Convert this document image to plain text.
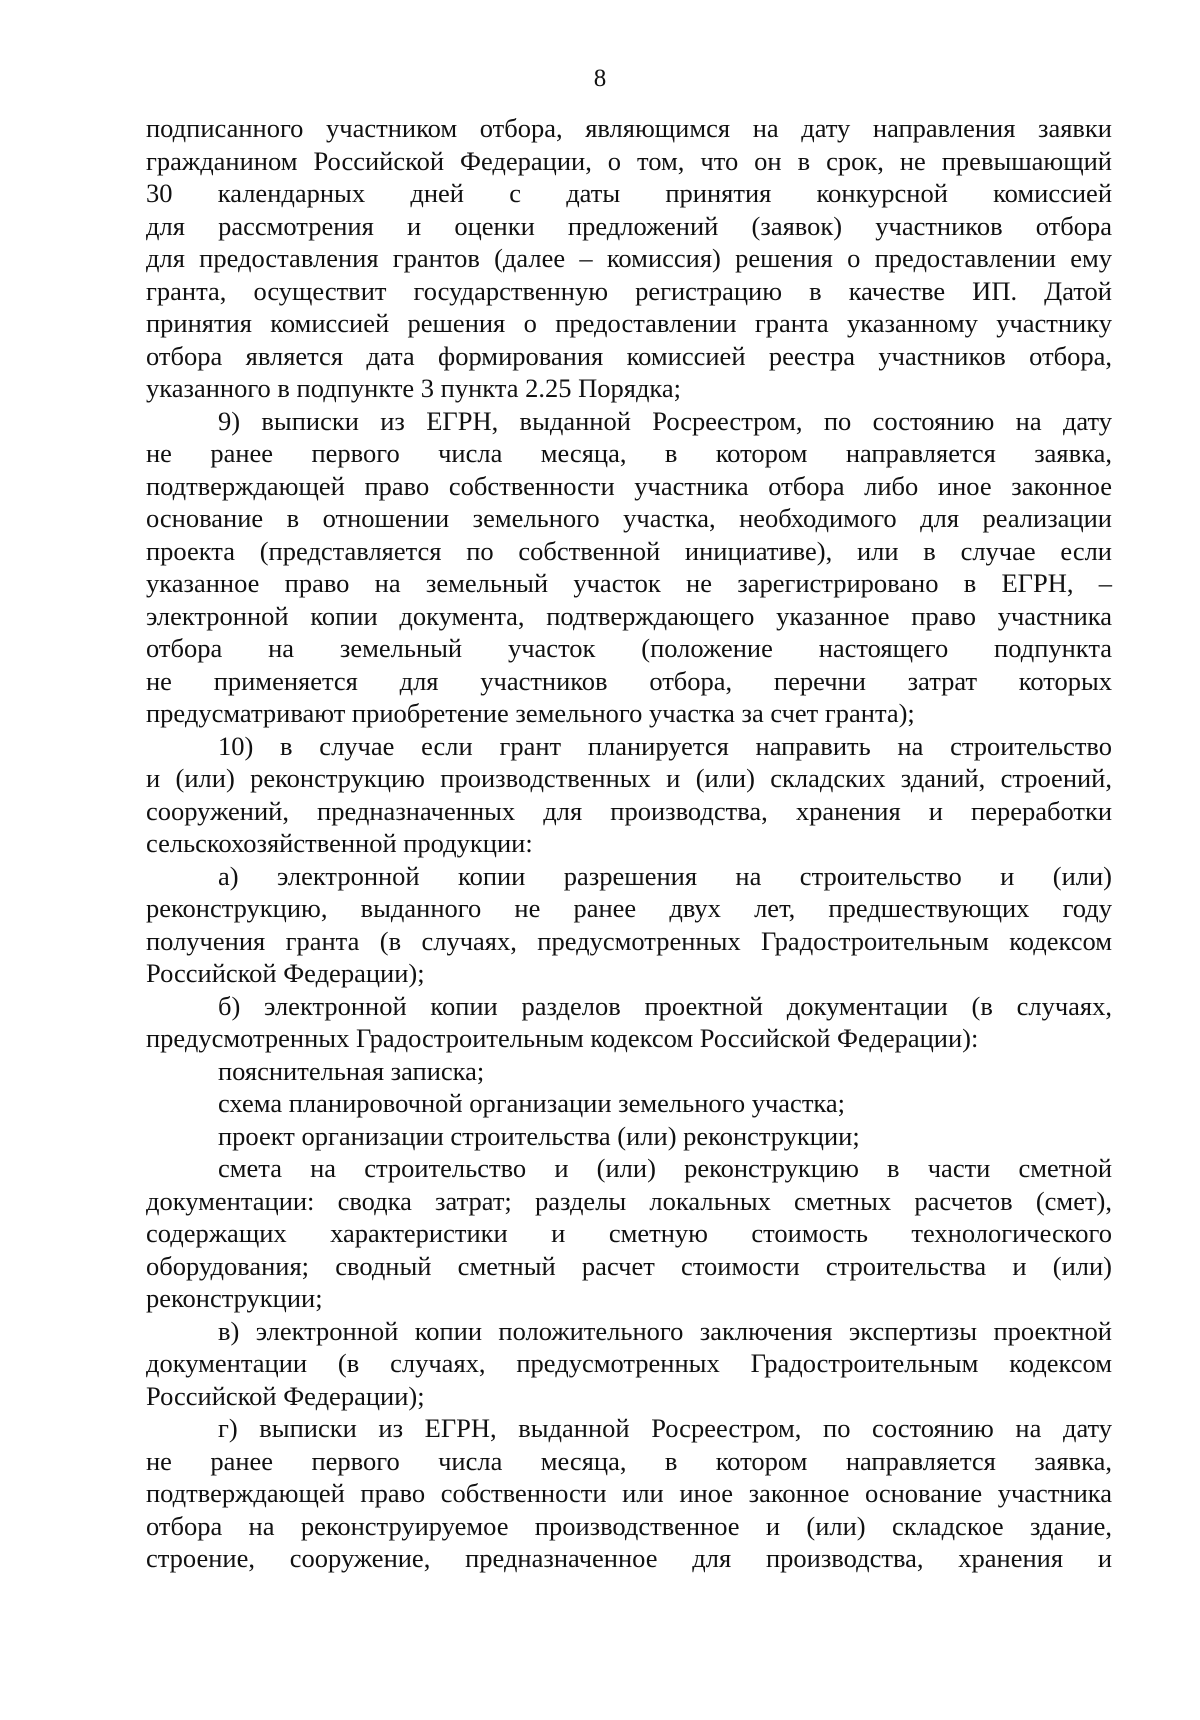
8
подписанного участником отбора, являющимся на дату направления заявки
гражданином Российской Федерации, о том, что он в срок, не превышающий
30 календарных дней с даты принятия конкурсной комиссией
для рассмотрения и оценки предложений (заявок) участников отбора
для предоставления грантов (далее – комиссия) решения о предоставлении ему
гранта, осуществит государственную регистрацию в качестве ИП. Датой
принятия комиссией решения о предоставлении гранта указанному участнику
отбора является дата формирования комиссией реестра участников отбора,
указанного в подпункте 3 пункта 2.25 Порядка;
9) выписки из ЕГРН, выданной Росреестром, по состоянию на дату
не ранее первого числа месяца, в котором направляется заявка,
подтверждающей право собственности участника отбора либо иное законное
основание в отношении земельного участка, необходимого для реализации
проекта (представляется по собственной инициативе), или в случае если
указанное право на земельный участок не зарегистрировано в ЕГРН, –
электронной копии документа, подтверждающего указанное право участника
отбора на земельный участок (положение настоящего подпункта
не применяется для участников отбора, перечни затрат которых
предусматривают приобретение земельного участка за счет гранта);
10) в случае если грант планируется направить на строительство
и (или) реконструкцию производственных и (или) складских зданий, строений,
сооружений, предназначенных для производства, хранения и переработки
сельскохозяйственной продукции:
а) электронной копии разрешения на строительство и (или)
реконструкцию, выданного не ранее двух лет, предшествующих году
получения гранта (в случаях, предусмотренных Градостроительным кодексом
Российской Федерации);
б) электронной копии разделов проектной документации (в случаях,
предусмотренных Градостроительным кодексом Российской Федерации):
пояснительная записка;
схема планировочной организации земельного участка;
проект организации строительства (или) реконструкции;
смета на строительство и (или) реконструкцию в части сметной
документации: сводка затрат; разделы локальных сметных расчетов (смет),
содержащих характеристики и сметную стоимость технологического
оборудования; сводный сметный расчет стоимости строительства и (или)
реконструкции;
в) электронной копии положительного заключения экспертизы проектной
документации (в случаях, предусмотренных Градостроительным кодексом
Российской Федерации);
г) выписки из ЕГРН, выданной Росреестром, по состоянию на дату
не ранее первого числа месяца, в котором направляется заявка,
подтверждающей право собственности или иное законное основание участника
отбора на реконструируемое производственное и (или) складское здание,
строение, сооружение, предназначенное для производства, хранения и
